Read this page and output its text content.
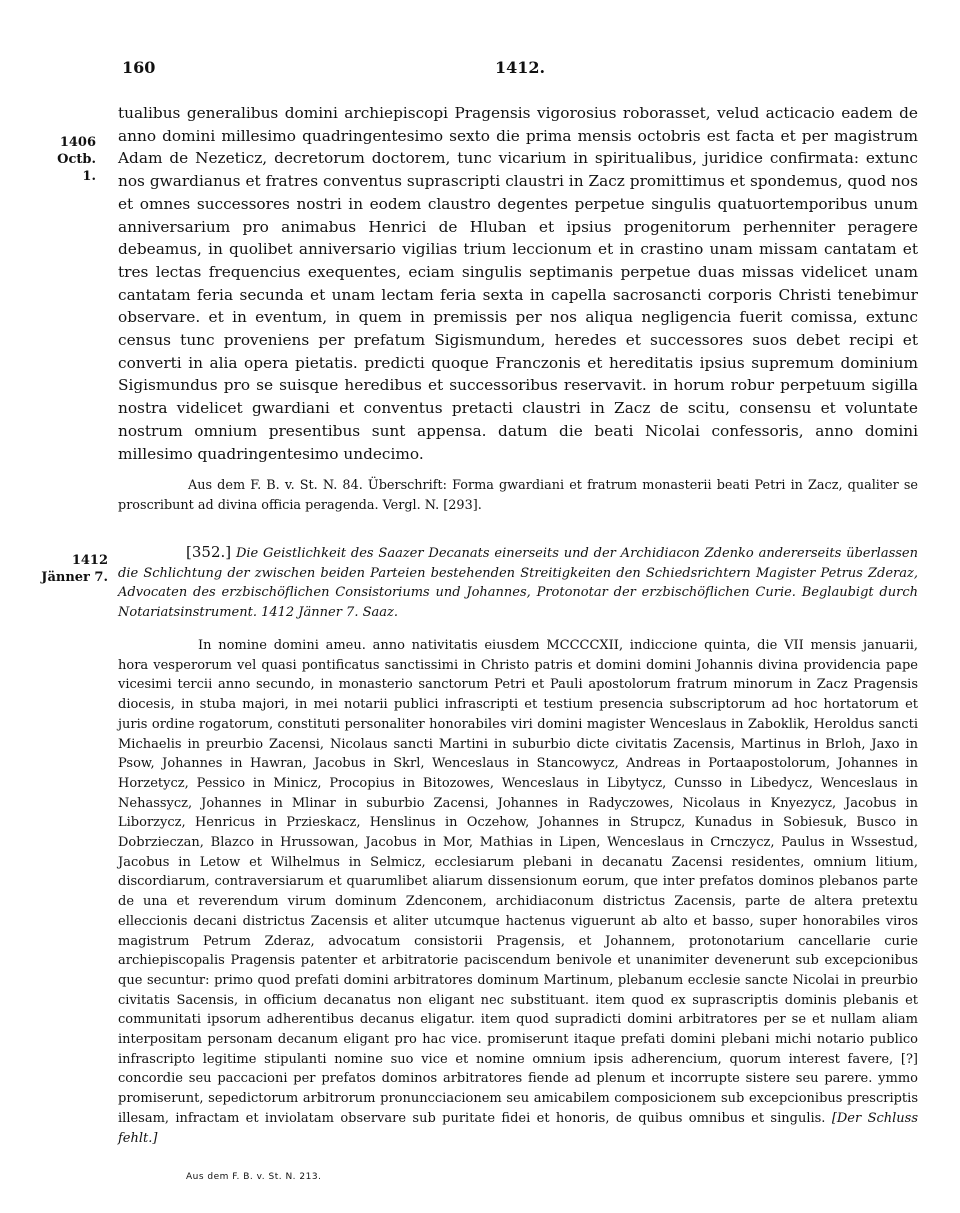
160	1412.
1406
Octb. 1.

tualibus generalibus domini archiepiscopi Pragensis vigorosius roborasset, velud acticacio eadem de anno domini millesimo quadringentesimo sexto die prima mensis octobris est facta et per magistrum Adam de Nezeticz, decretorum doctorem, tunc vicarium in spiritualibus, juridice confirmata: extunc nos gwardianus et fratres conventus suprascripti claustri in Zacz promittimus et spondemus, quod nos et omnes successores nostri in eodem claustro degentes perpetue singulis quatuortemporibus unum anniversarium pro animabus Henrici de Hluban et ipsius progenitorum perhenniter peragere debeamus, in quolibet anniversario vigilias trium leccionum et in crastino unam missam cantatam et tres lectas frequencius exequentes, eciam singulis septimanis perpetue duas missas videlicet unam cantatam feria secunda et unam lectam feria sexta in capella sacrosancti corporis Christi tenebimur observare. et in eventum, in quem in premissis per nos aliqua negligencia fuerit comissa, extunc census tunc proveniens per prefatum Sigismundum, heredes et successores suos debet recipi et converti in alia opera pietatis. predicti quoque Franczonis et hereditatis ipsius supremum dominium Sigismundus pro se suisque heredibus et successoribus reservavit. in horum robur perpetuum sigilla nostra videlicet gwardiani et conventus pretacti claustri in Zacz de scitu, consensu et voluntate nostrum omnium presentibus sunt appensa. datum die beati Nicolai confessoris, anno domini millesimo quadringentesimo undecimo.

Aus dem F. B. v. St. N. 84. Überschrift: Forma gwardiani et fratrum monasterii beati Petri in Zacz, qualiter se proscribunt ad divina officia peragenda. Vergl. N. [293].

1412
Jänner 7.

[352.] Die Geistlichkeit des Saazer Decanats einerseits und der Archidiacon Zdenko andererseits überlassen die Schlichtung der zwischen beiden Parteien bestehenden Streitigkeiten den Schiedsrichtern Magister Petrus Zderaz, Advocaten des erzbischöflichen Consistoriums und Johannes, Protonotar der erzbischöflichen Curie. Beglaubigt durch Notariatsinstrument. 1412 Jänner 7. Saaz.

In nomine domini ameu. anno nativitatis eiusdem MCCCCXII, indiccione quinta, die VII mensis januarii, hora vesperorum vel quasi pontificatus sanctissimi in Christo patris et domini domini Johannis divina providencia pape vicesimi tercii anno secundo, in monasterio sanctorum Petri et Pauli apostolorum fratrum minorum in Zacz Pragensis diocesis, in stuba majori, in mei notarii publici infrascripti et testium presencia subscriptorum ad hoc hortatorum et juris ordine rogatorum, constituti personaliter honorabiles viri domini magister Wenceslaus in Zaboklik, Heroldus sancti Michaelis in preurbio Zacensi, Nicolaus sancti Martini in suburbio dicte civitatis Zacensis, Martinus in Brloh, Jaxo in Psow, Johannes in Hawran, Jacobus in Skrl, Wenceslaus in Stancowycz, Andreas in Portaapostolorum, Johannes in Horzetycz, Pessico in Minicz, Procopius in Bitozowes, Wenceslaus in Libytycz, Cunsso in Libedycz, Wenceslaus in Nehassycz, Johannes in Mlinar in suburbio Zacensi, Johannes in Radyczowes, Nicolaus in Knyezycz, Jacobus in Liborzycz, Henricus in Przieskacz, Henslinus in Oczehow, Johannes in Strupcz, Kunadus in Sobiesuk, Busco in Dobrzieczan, Blazco in Hrussowan, Jacobus in Mor, Mathias in Lipen, Wenceslaus in Crnczycz, Paulus in Wssestud, Jacobus in Letow et Wilhelmus in Selmicz, ecclesiarum plebani in decanatu Zacensi residentes, omnium litium, discordiarum, contraversiarum et quarumlibet aliarum dissensionum eorum, que inter prefatos dominos plebanos parte de una et reverendum virum dominum Zdenconem, archidiaconum districtus Zacensis, parte de altera pretextu elleccionis decani districtus Zacensis et aliter utcumque hactenus viguerunt ab alto et basso, super honorabiles viros magistrum Petrum Zderaz, advocatum consistorii Pragensis, et Johannem, protonotarium cancellarie curie archiepiscopalis Pragensis patenter et arbitratorie paciscendum benivole et unanimiter devenerunt sub excepcionibus que secuntur: primo quod prefati domini arbitratores dominum Martinum, plebanum ecclesie sancte Nicolai in preurbio civitatis Sacensis, in officium decanatus non eligant nec substituant. item quod ex suprascriptis dominis plebanis et communitati ipsorum adherentibus decanus eligatur. item quod supradicti domini arbitratores per se et nullam aliam interpositam personam decanum eligant pro hac vice. promiserunt itaque prefati domini plebani michi notario publico infrascripto legitime stipulanti nomine suo vice et nomine omnium ipsis adherencium, quorum interest favere, [?] concordie seu paccacioni per prefatos dominos arbitratores fiende ad plenum et incorrupte sistere seu parere. ymmo promiserunt, sepedictorum arbitrorum pronuncciacionem seu amicabilem composicionem sub excepcionibus prescriptis illesam, infractam et inviolatam observare sub puritate fidei et honoris, de quibus omnibus et singulis. [Der Schluss fehlt.]

Aus dem F. B. v. St. N. 213.
